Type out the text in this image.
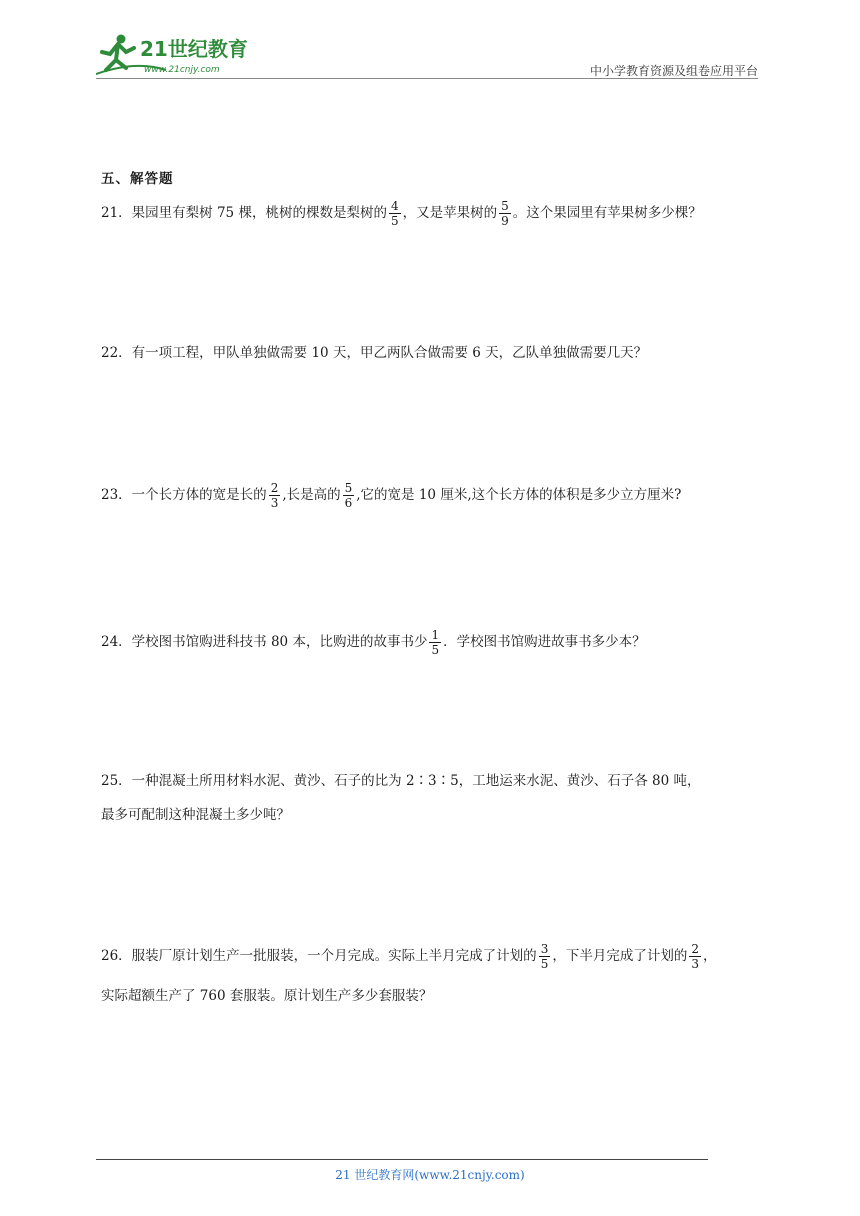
21世纪教育
www.21cnjy.com	中小学教育资源及组卷应用平台
五、解答题
21．果园里有梨树 75 棵，桃树的棵数是梨树的 $\frac{4}{5}$ ，又是苹果树的 $\frac{5}{9}$ 。这个果园里有苹果树多少棵？
22．有一项工程，甲队单独做需要 10 天，甲乙两队合做需要 6 天，乙队单独做需要几天？
23．一个长方体的宽是长的 $\frac{2}{3}$ ,长是高的 $\frac{5}{6}$ ,它的宽是 10 厘米,这个长方体的体积是多少立方厘米?
24．学校图书馆购进科技书 80 本，比购进的故事书少 $\frac{1}{5}$ ．学校图书馆购进故事书多少本？
25．一种混凝土所用材料水泥、黄沙、石子的比为 2∶3∶5，工地运来水泥、黄沙、石子各 80 吨，
最多可配制这种混凝土多少吨？
26．服装厂原计划生产一批服装，一个月完成。实际上半月完成了计划的 $\frac{3}{5}$ ，下半月完成了计划的 $\frac{2}{3}$ ，
实际超额生产了 760 套服装。原计划生产多少套服装？
21 世纪教育网(www.21cnjy.com)
